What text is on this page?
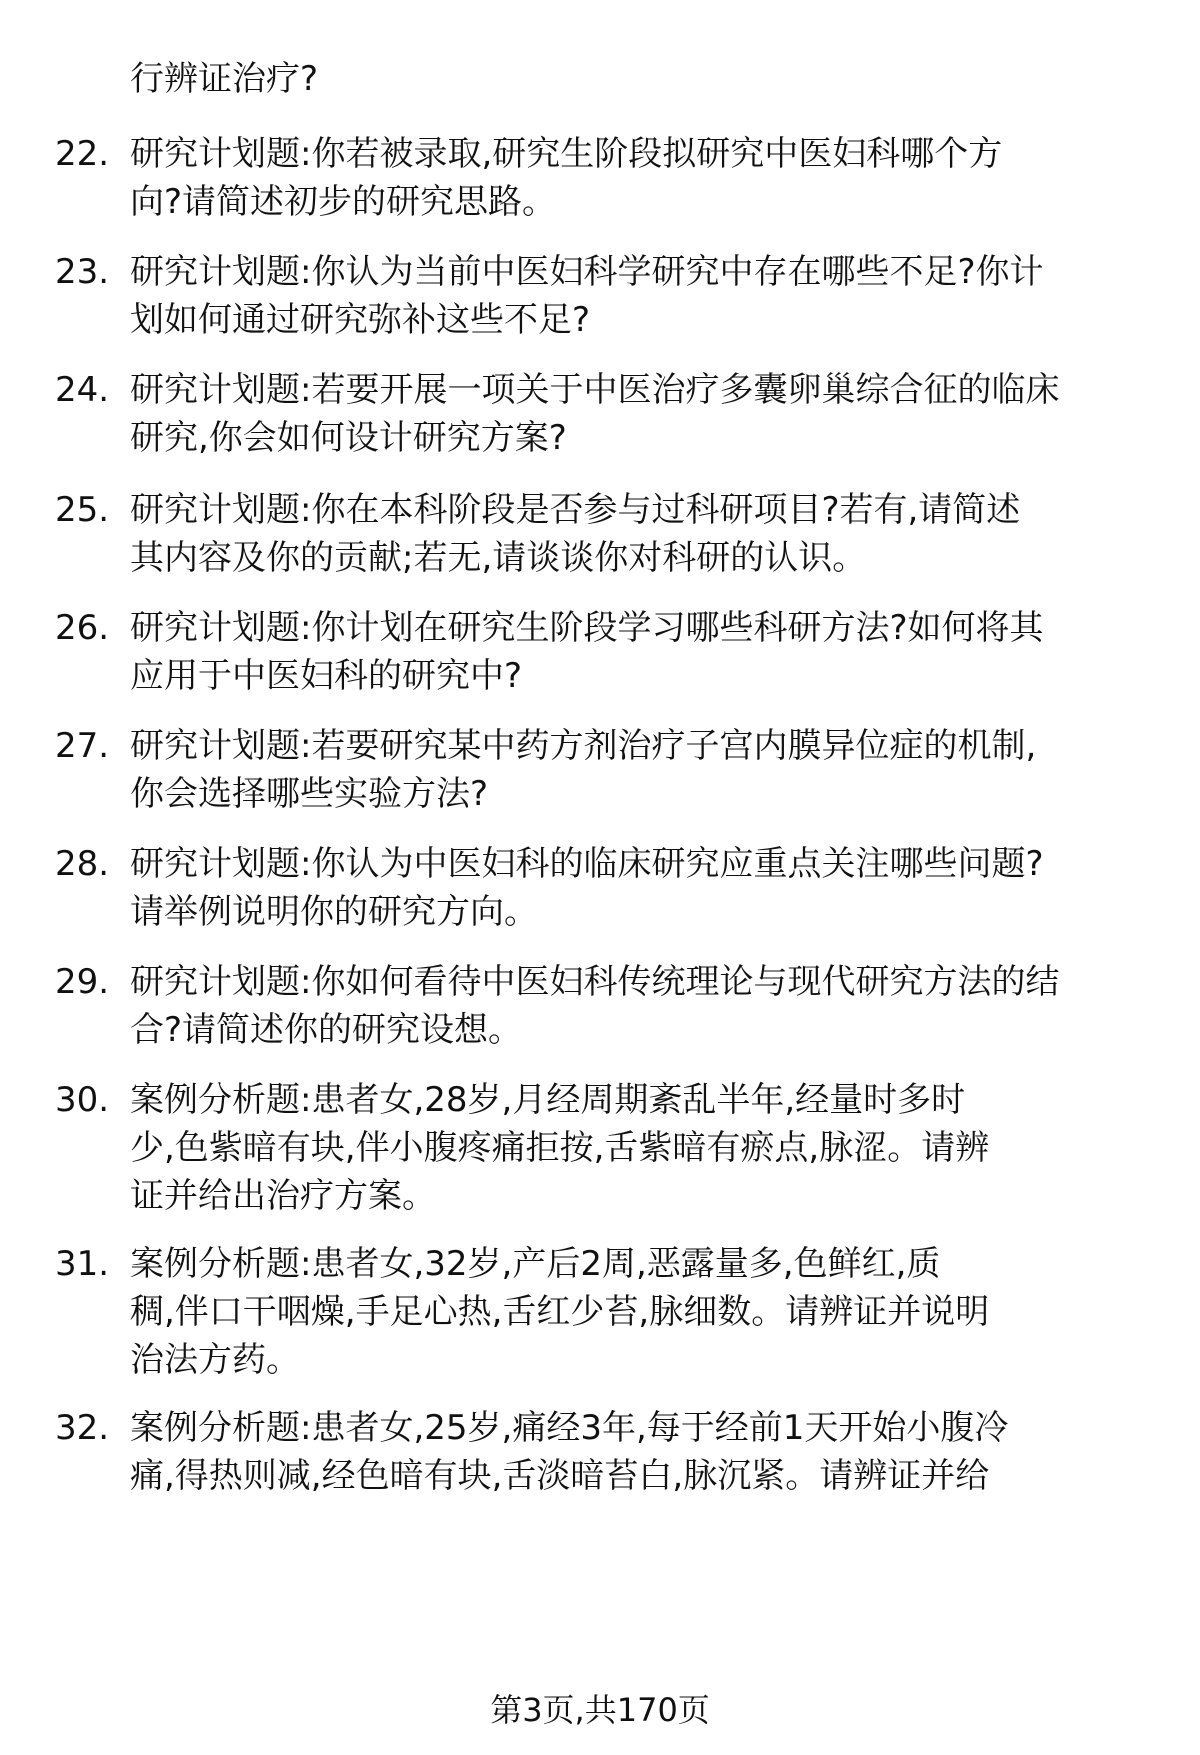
行辨证治疗?
22. 研究计划题:你若被录取,研究生阶段拟研究中医妇科哪个方
向?请简述初步的研究思路。
23. 研究计划题:你认为当前中医妇科学研究中存在哪些不足?你计
划如何通过研究弥补这些不足?
24. 研究计划题:若要开展一项关于中医治疗多囊卵巢综合征的临床
研究,你会如何设计研究方案?
25. 研究计划题:你在本科阶段是否参与过科研项目?若有,请简述
其内容及你的贡献;若无,请谈谈你对科研的认识。
26. 研究计划题:你计划在研究生阶段学习哪些科研方法?如何将其
应用于中医妇科的研究中?
27. 研究计划题:若要研究某中药方剂治疗子宫内膜异位症的机制,
你会选择哪些实验方法?
28. 研究计划题:你认为中医妇科的临床研究应重点关注哪些问题?
请举例说明你的研究方向。
29. 研究计划题:你如何看待中医妇科传统理论与现代研究方法的结
合?请简述你的研究设想。
30. 案例分析题:患者女,28岁,月经周期紊乱半年,经量时多时
少,色紫暗有块,伴小腹疼痛拒按,舌紫暗有瘀点,脉涩。请辨
证并给出治疗方案。
31. 案例分析题:患者女,32岁,产后2周,恶露量多,色鲜红,质
稠,伴口干咽燥,手足心热,舌红少苔,脉细数。请辨证并说明
治法方药。
32. 案例分析题:患者女,25岁,痛经3年,每于经前1天开始小腹冷
痛,得热则减,经色暗有块,舌淡暗苔白,脉沉紧。请辨证并给
第3页,共170页
